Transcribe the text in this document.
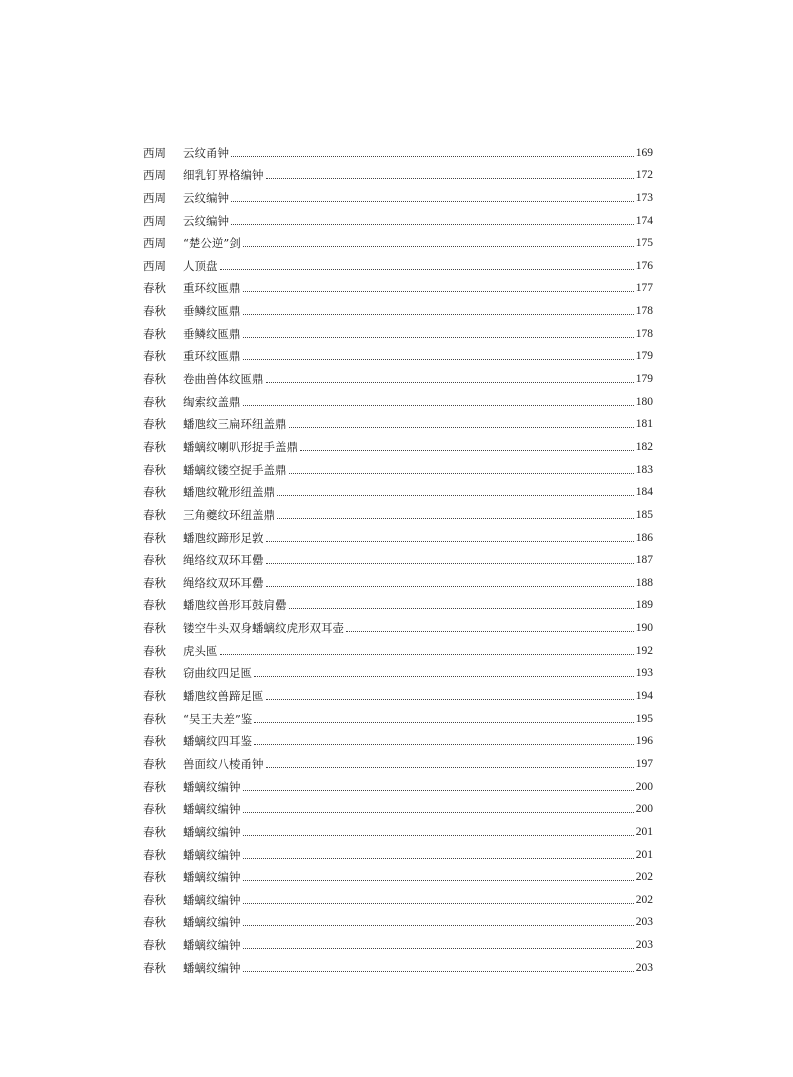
西周	云纹甬钟	169
西周	细乳钉界格编钟	172
西周	云纹编钟	173
西周	云纹编钟	174
西周	“楚公逆”剑	175
西周	人顶盘	176
春秋	重环纹匜鼎	177
春秋	垂鳞纹匜鼎	178
春秋	垂鳞纹匜鼎	178
春秋	重环纹匜鼎	179
春秋	卷曲兽体纹匜鼎	179
春秋	绹索纹盖鼎	180
春秋	蟠虺纹三扁环纽盖鼎	181
春秋	蟠螭纹喇叭形捉手盖鼎	182
春秋	蟠螭纹镂空捉手盖鼎	183
春秋	蟠虺纹靴形纽盖鼎	184
春秋	三角夔纹环纽盖鼎	185
春秋	蟠虺纹蹄形足敦	186
春秋	绳络纹双环耳罍	187
春秋	绳络纹双环耳罍	188
春秋	蟠虺纹兽形耳鼓肩罍	189
春秋	镂空牛头双身蟠螭纹虎形双耳壶	190
春秋	虎头匜	192
春秋	窃曲纹四足匜	193
春秋	蟠虺纹兽蹄足匜	194
春秋	“吴王夫差”鉴	195
春秋	蟠螭纹四耳鉴	196
春秋	兽面纹八棱甬钟	197
春秋	蟠螭纹编钟	200
春秋	蟠螭纹编钟	200
春秋	蟠螭纹编钟	201
春秋	蟠螭纹编钟	201
春秋	蟠螭纹编钟	202
春秋	蟠螭纹编钟	202
春秋	蟠螭纹编钟	203
春秋	蟠螭纹编钟	203
春秋	蟠螭纹编钟	203
